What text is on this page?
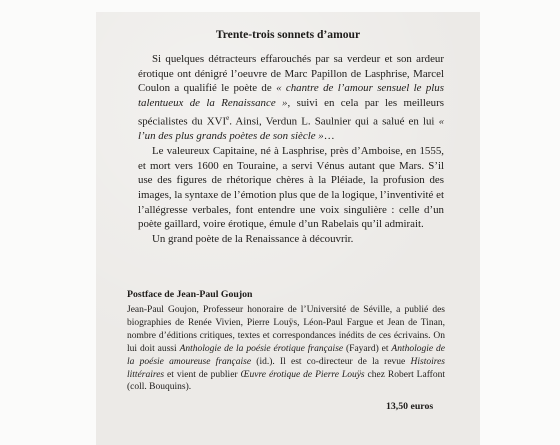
Trente-trois sonnets d’amour

Si quelques détracteurs effarouchés par sa verdeur et son ardeur érotique ont dénigré l’oeuvre de Marc Papillon de Lasphrise, Marcel Coulon a qualifié le poète de « chantre de l’amour sensuel le plus talentueux de la Renaissance », suivi en cela par les meilleurs spécialistes du XVIe. Ainsi, Verdun L. Saulnier qui a salué en lui « l’un des plus grands poètes de son siècle »…

Le valeureux Capitaine, né à Lasphrise, près d’Amboise, en 1555, et mort vers 1600 en Touraine, a servi Vénus autant que Mars. S’il use des figures de rhétorique chères à la Pléiade, la profusion des images, la syntaxe de l’émotion plus que de la logique, l’inventivité et l’allégresse verbales, font entendre une voix singulière : celle d’un poète gaillard, voire érotique, émule d’un Rabelais qu’il admirait.

Un grand poète de la Renaissance à découvrir.

Postface de Jean-Paul Goujon

Jean-Paul Goujon, Professeur honoraire de l’Université de Séville, a publié des biographies de Renée Vivien, Pierre Louÿs, Léon-Paul Fargue et Jean de Tinan, nombre d’éditions critiques, textes et correspondances inédits de ces écrivains. On lui doit aussi Anthologie de la poésie érotique française (Fayard) et Anthologie de la poésie amoureuse française (id.). Il est co-directeur de la revue Histoires littéraires et vient de publier Œuvre érotique de Pierre Louÿs chez Robert Laffont (coll. Bouquins).

13,50 euros
